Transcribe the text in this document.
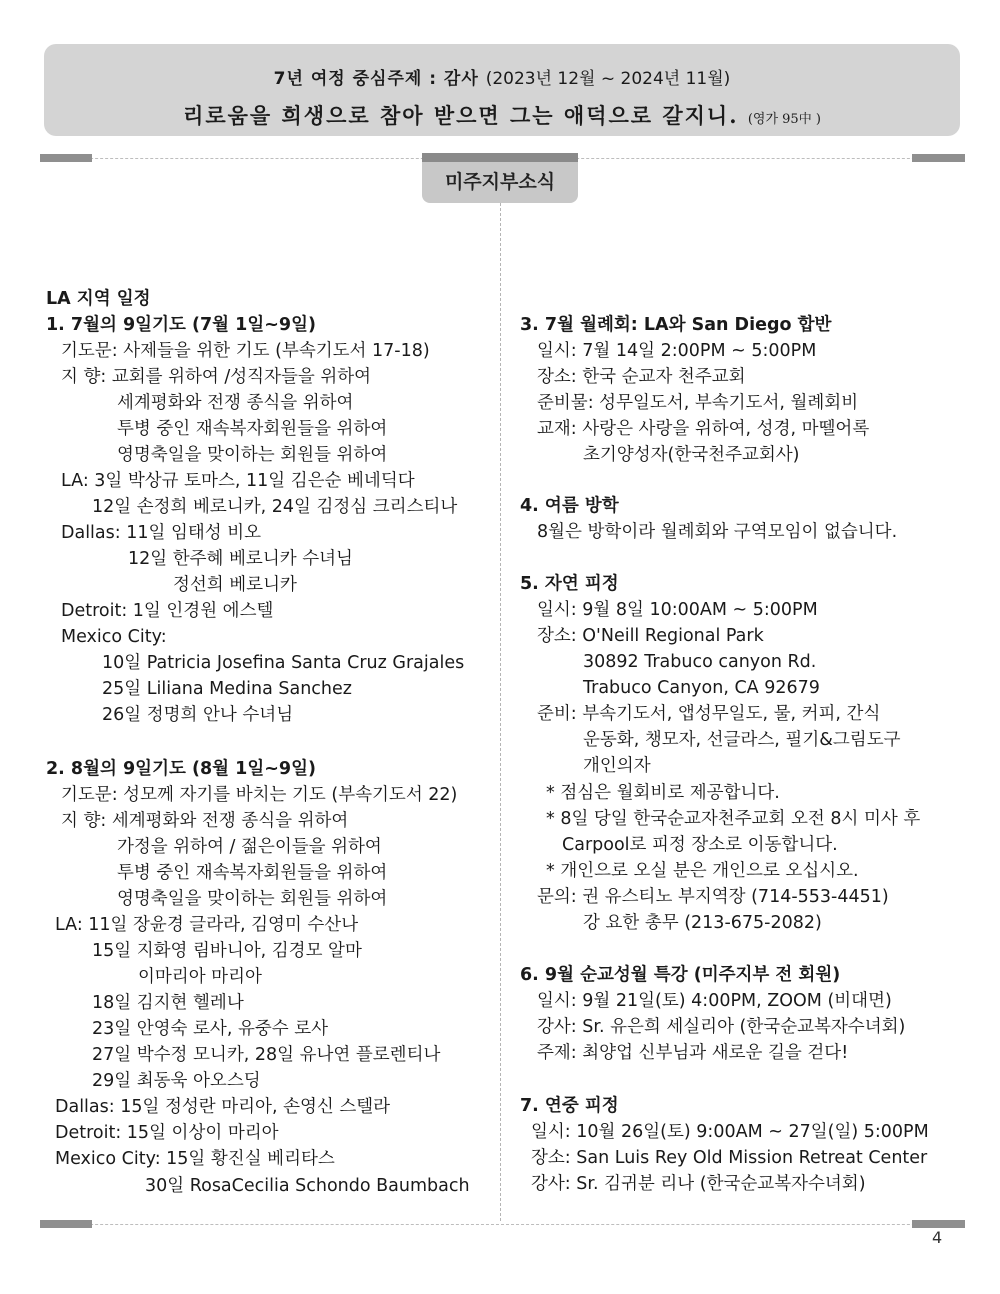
7년 여정 중심주제 : 감사 (2023년 12월 ~ 2024년 11월)
리로움을 희생으로 참아 받으면 그는 애덕으로 갈지니. (영가 95中 )
미주지부소식
LA 지역 일정
1. 7월의 9일기도 (7월 1일~9일)
기도문: 사제들을 위한 기도 (부속기도서 17-18)
지 향: 교회를 위하여 /성직자들을 위하여
세계평화와 전쟁 종식을 위하여
투병 중인 재속복자회원들을 위하여
영명축일을 맞이하는 회원들 위하여
LA: 3일 박상규 토마스, 11일 김은순 베네딕다
12일 손정희 베로니카, 24일 김정심 크리스티나
Dallas: 11일 임태성 비오
12일 한주혜 베로니카 수녀님
정선희 베로니카
Detroit: 1일 인경원 에스텔
Mexico City:
10일 Patricia Josefina Santa Cruz Grajales
25일 Liliana Medina Sanchez
26일 정명희 안나 수녀님
2. 8월의 9일기도 (8월 1일~9일)
기도문: 성모께 자기를 바치는 기도 (부속기도서 22)
지 향: 세계평화와 전쟁 종식을 위하여
가정을 위하여 / 젊은이들을 위하여
투병 중인 재속복자회원들을 위하여
영명축일을 맞이하는 회원들 위하여
LA: 11일 장윤경 글라라, 김영미 수산나
15일 지화영 림바니아, 김경모 알마
이마리아 마리아
18일 김지현 헬레나
23일 안영숙 로사, 유중수 로사
27일 박수정 모니카, 28일 유나연 플로렌티나
29일 최동욱 아오스딩
Dallas: 15일 정성란 마리아, 손영신 스텔라
Detroit: 15일 이상이 마리아
Mexico City: 15일 황진실 베리타스
30일 RosaCecilia Schondo Baumbach
3. 7월 월례회: LA와 San Diego 합반
일시: 7월 14일 2:00PM ~ 5:00PM
장소: 한국 순교자 천주교회
준비물: 성무일도서, 부속기도서, 월례회비
교재: 사랑은 사랑을 위하여, 성경, 마뗄어록
초기양성자(한국천주교회사)
4. 여름 방학
8월은 방학이라 월례회와 구역모임이 없습니다.
5. 자연 피정
일시: 9월 8일 10:00AM ~ 5:00PM
장소: O'Neill Regional Park
30892 Trabuco canyon Rd.
Trabuco Canyon, CA 92679
준비: 부속기도서, 앱성무일도, 물, 커피, 간식
운동화, 챙모자, 선글라스, 필기&그림도구
개인의자
* 점심은 월회비로 제공합니다.
* 8일 당일 한국순교자천주교회 오전 8시 미사 후
Carpool로 피정 장소로 이동합니다.
* 개인으로 오실 분은 개인으로 오십시오.
문의: 권 유스티노 부지역장 (714-553-4451)
강 요한 총무 (213-675-2082)
6. 9월 순교성월 특강 (미주지부 전 회원)
일시: 9월 21일(토) 4:00PM, ZOOM (비대면)
강사: Sr. 유은희 세실리아 (한국순교복자수녀회)
주제: 최양업 신부님과 새로운 길을 걷다!
7. 연중 피정
일시: 10월 26일(토) 9:00AM ~ 27일(일) 5:00PM
장소: San Luis Rey Old Mission Retreat Center
강사: Sr. 김귀분 리나 (한국순교복자수녀회)
4
